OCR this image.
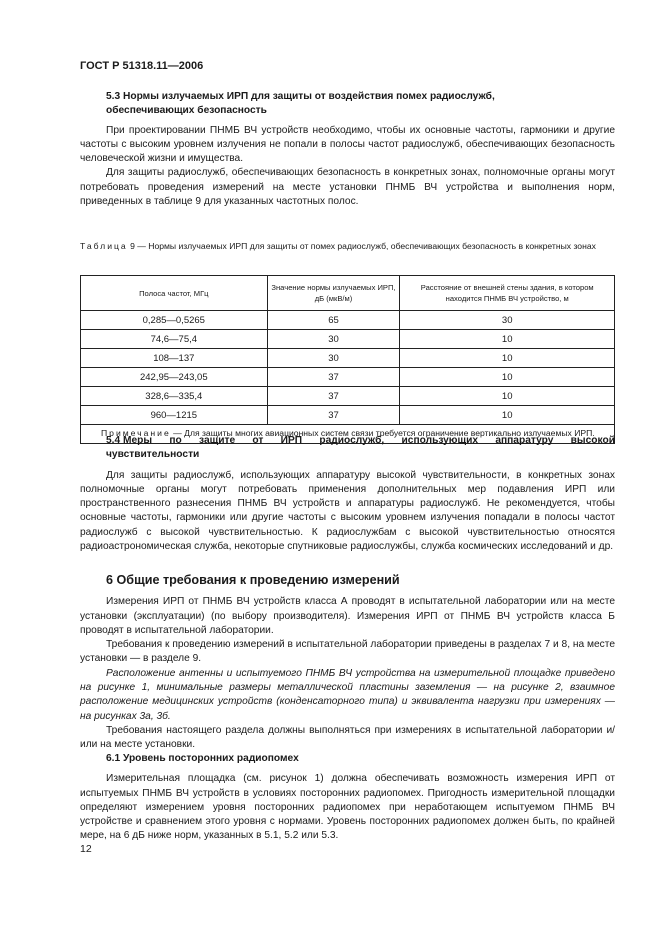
ГОСТ Р 51318.11—2006

5.3 Нормы излучаемых ИРП для защиты от воздействия помех радиослужб,

обеспечивающих безопасность

При проектировании ПНМБ ВЧ устройств необходимо, чтобы их основные частоты, гармоники и другие частоты с высоким уровнем излучения не попали в полосы частот радиослужб, обеспечивающих безопасность человеческой жизни и имущества.

Для защиты радиослужб, обеспечивающих безопасность в конкретных зонах, полномочные органы могут потребовать проведения измерений на месте установки ПНМБ ВЧ устройства и выполнения норм, приведенных в таблице 9 для указанных частотных полос.

Таблица 9 — Нормы излучаемых ИРП для защиты от помех радиослужб, обеспечивающих безопасность в конкретных зонах
Полоса частот, МГц	Значение нормы излучаемых ИРП, дБ (мкВ/м)	Расстояние от внешней стены здания, в котором находится ПНМБ ВЧ устройство, м
0,285—0,5265	65	30
74,6—75,4	30	10
108—137	30	10
242,95—243,05	37	10
328,6—335,4	37	10
960—1215	37	10
Примечание — Для защиты многих авиационных систем связи требуется ограничение вертикально излучаемых ИРП.		
5.4 Меры по защите от ИРП радиослужб, использующих аппаратуру высокой

чувствительности

Для защиты радиослужб, использующих аппаратуру высокой чувствительности, в конкретных зонах полномочные органы могут потребовать применения дополнительных мер подавления ИРП или пространственного разнесения ПНМБ ВЧ устройств и аппаратуры радиослужб. Не рекомендуется, чтобы основные частоты, гармоники или другие частоты с высоким уровнем излучения попадали в полосы частот радиослужб с высокой чувствительностью. К радиослужбам с высокой чувствительностью относятся радиоастрономическая служба, некоторые спутниковые радиослужбы, служба космических исследований и др.

6 Общие требования к проведению измерений

Измерения ИРП от ПНМБ ВЧ устройств класса А проводят в испытательной лаборатории или на месте установки (эксплуатации) (по выбору производителя). Измерения ИРП от ПНМБ ВЧ устройств класса Б проводят в испытательной лаборатории.

Требования к проведению измерений в испытательной лаборатории приведены в разделах 7 и 8, на месте установки — в разделе 9.

Расположение антенны и испытуемого ПНМБ ВЧ устройства на измерительной площадке приведено на рисунке 1, минимальные размеры металлической пластины заземления — на рисунке 2, взаимное расположение медицинских устройств (конденсаторного типа) и эквивалента нагрузки при измерениях — на рисунках 3а, 3б.

Требования настоящего раздела должны выполняться при измерениях в испытательной лаборатории и/или на месте установки.

6.1 Уровень посторонних радиопомех

Измерительная площадка (см. рисунок 1) должна обеспечивать возможность измерения ИРП от испытуемых ПНМБ ВЧ устройств в условиях посторонних радиопомех. Пригодность измерительной площадки определяют измерением уровня посторонних радиопомех при неработающем испытуемом ПНМБ ВЧ устройстве и сравнением этого уровня с нормами. Уровень посторонних радиопомех должен быть, по крайней мере, на 6 дБ ниже норм, указанных в 5.1, 5.2 или 5.3.

12
